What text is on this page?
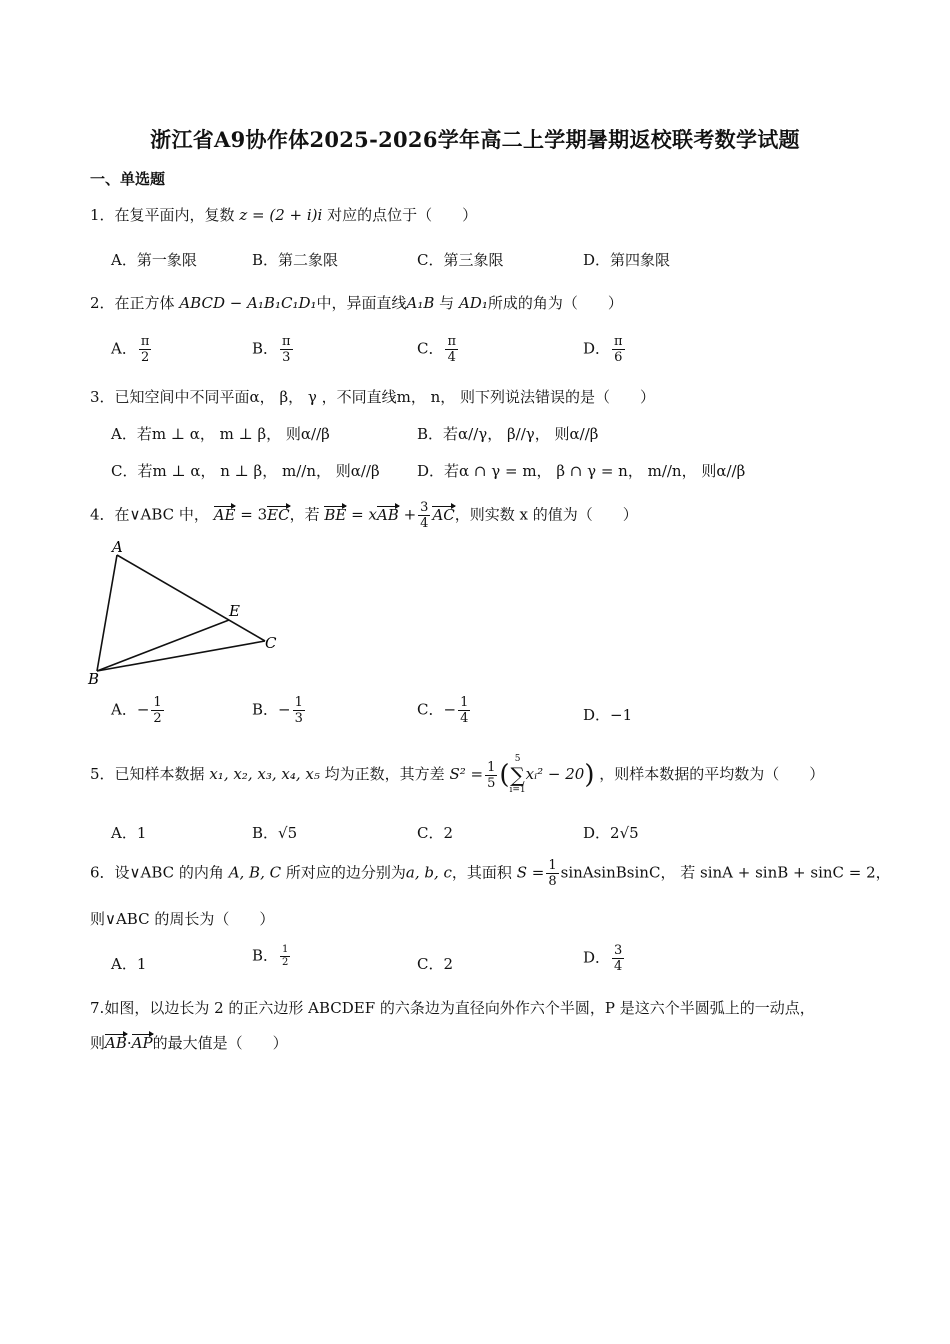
浙江省A9协作体2025-2026学年高二上学期暑期返校联考数学试题
一、单选题
1．在复平面内，复数 z = (2 + i)i 对应的点位于（　　）
A．第一象限	B．第二象限	C．第三象限	D．第四象限
2．在正方体 ABCD − A₁B₁C₁D₁中，异面直线A₁B 与 AD₁所成的角为（　　）
A． $\frac{\pi}{2}$	B． $\frac{\pi}{3}$	C． $\frac{\pi}{4}$	D． $\frac{\pi}{6}$
3．已知空间中不同平面α， β， γ ，不同直线m， n， 则下列说法错误的是（　　）
A．若m ⊥ α， m ⊥ β， 则α//β	B．若α//γ， β//γ， 则α//β
C．若m ⊥ α， n ⊥ β， m//n， 则α//β D．若α ∩ γ = m， β ∩ γ = n， m//n， 则α//β
4．在∨ABC 中， AE = 3EC，若 BE = xAB + $\frac{3}{4}$ AC，则实数 x 的值为（　　）
A
E
C
B
A．− $\frac{1}{2}$	B．− $\frac{1}{3}$	C．− $\frac{1}{4}$	D．−1
5．已知样本数据 x₁, x₂, x₃, x₄, x₅ 均为正数，其方差 $S^2 = \frac{1}{5}$ (
5
∑
i=1
xᵢ² − 20) ，则样本数据的平均数为（　　）
A．1	B．√5	C．2	D．2√5
6．设∨ABC 的内角 A, B, C 所对应的边分别为a, b, c，其面积 $S = \frac{1}{8}$ sinAsinBsinC， 若 sinA + sinB + sinC = 2，
则∨ABC 的周长为（　　）
A．1	B． $\frac{1}{2}$	C．2	D． $\frac{3}{4}$
7.如图，以边长为 2 的正六边形 ABCDEF 的六条边为直径向外作六个半圆，P 是这六个半圆弧上的一动点，
则AB·AP的最大值是（　　）
